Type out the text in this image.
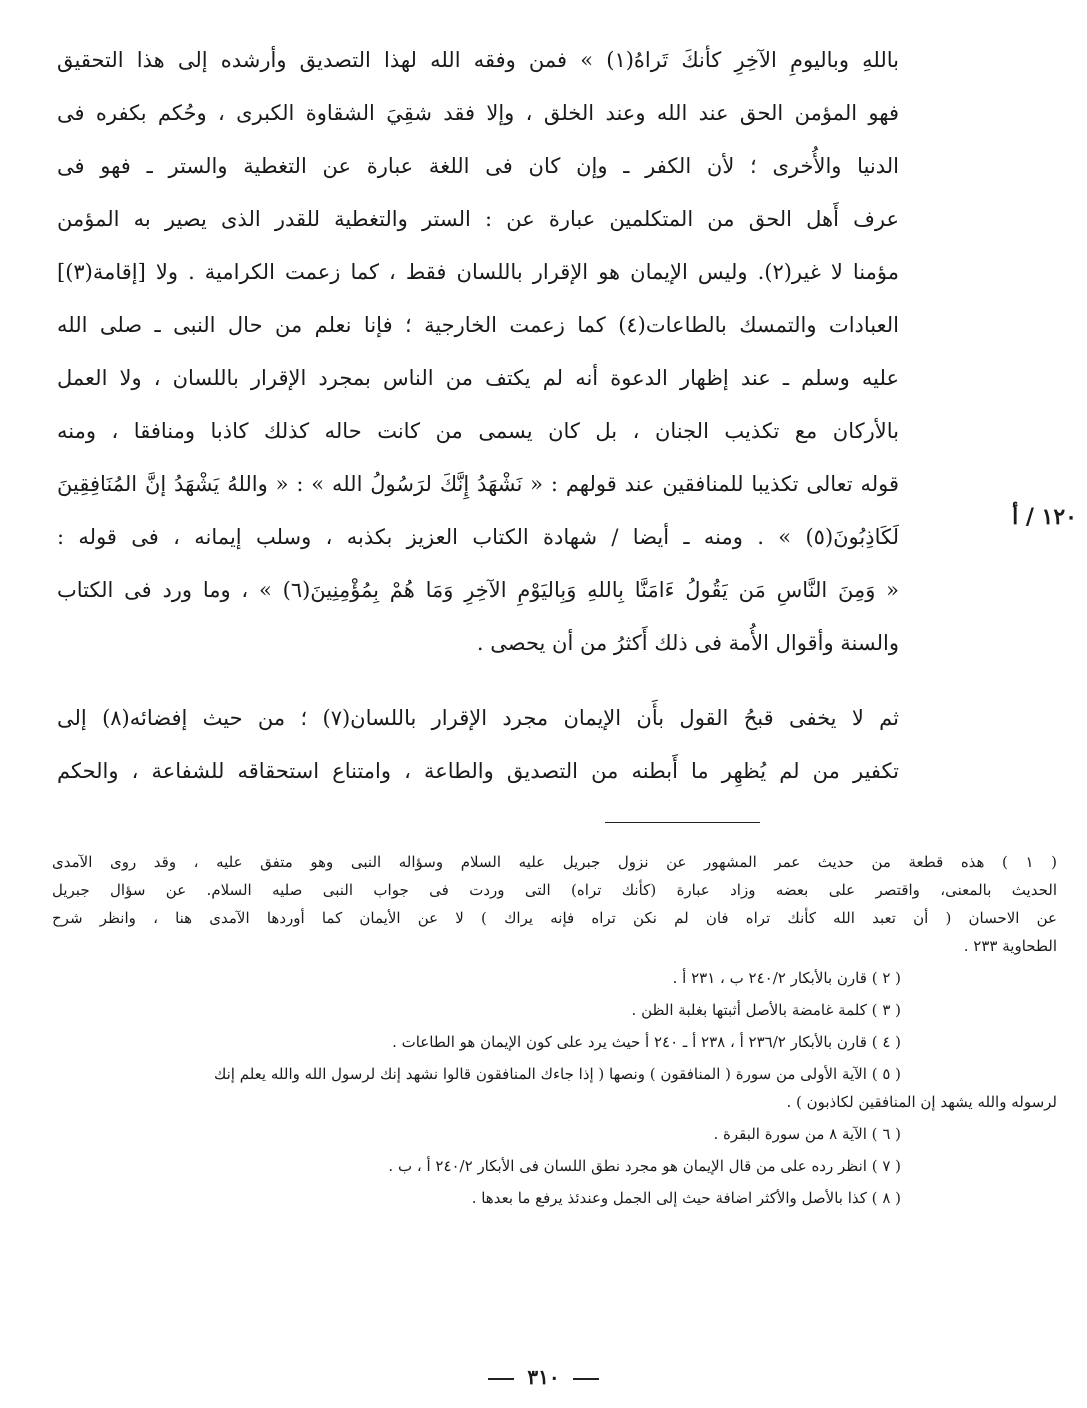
باللهِ وباليومِ الآخِرِ كأنكَ تَراهُ(١) » فمن وفقه الله لهذا التصديق وأرشده إلى هذا التحقيق
فهو المؤمن الحق عند الله وعند الخلق ، وإلا فقد شقِيَ الشقاوة الكبرى ، وحُكم بكفره فى
الدنيا والأُخرى ؛ لأن الكفر ـ وإن كان فى اللغة عبارة عن التغطية والستر ـ فهو فى
عرف أَهل الحق من المتكلمين عبارة عن : الستر والتغطية للقدر الذى يصير به المؤمن
مؤمنا لا غير(٢). وليس الإيمان هو الإقرار باللسان فقط ، كما زعمت الكرامية . ولا [إقامة(٣)]
العبادات والتمسك بالطاعات(٤) كما زعمت الخارجية ؛ فإنا نعلم من حال النبى ـ صلى الله
عليه وسلم ـ عند إظهار الدعوة أنه لم يكتف من الناس بمجرد الإقرار باللسان ، ولا العمل
بالأركان مع تكذيب الجنان ، بل كان يسمى من كانت حاله كذلك كاذبا ومنافقا ، ومنه
قوله تعالى تكذيبا للمنافقين عند قولهم : « نَشْهَدُ إِنَّكَ لرَسُولُ الله » : « واللهُ يَشْهَدُ إنَّ المُنَافِقِينَ
لَكَاذِبُونَ(٥) » . ومنه ـ أيضا / شهادة الكتاب العزيز بكذبه ، وسلب إيمانه ، فى قوله :
« وَمِنَ النَّاسِ مَن يَقُولُ ءَامَنَّا بِاللهِ وَبِاليَوْمِ الآخِرِ وَمَا هُمْ بِمُؤْمِنِينَ(٦) » ، وما ورد فى الكتاب
والسنة وأقوال الأُمة فى ذلك أَكثرُ من أن يحصى .
ثم لا يخفى قبحُ القول بأَن الإيمان مجرد الإقرار باللسان(٧) ؛ من حيث إفضائه(٨) إلى
تكفير من لم يُظهِر ما أَبطنه من التصديق والطاعة ، وامتناع استحقاقه للشفاعة ، والحكم
١٢٠ / أ
( ١ ) هذه قطعة من حديث عمر المشهور عن نزول جبريل عليه السلام وسؤاله النبى وهو متفق عليه ، وقد روى الآمدى
الحديث بالمعنى، واقتصر على بعضه وزاد عبارة (كأنك تراه) التى وردت فى جواب النبى صليه السلام. عن سؤال جبريل
عن الاحسان ( أن تعبد الله كأنك تراه فان لم نكن تراه فإنه يراك ) لا عن الأيمان كما أوردها الآمدى هنا ، وانظر شرح
الطحاوية ٢٣٣ .
( ٢ ) قارن بالأبكار ٢٤٠/٢ ب ، ٢٣١ أ .
( ٣ ) كلمة غامضة بالأصل أثبتها بغلبة الظن .
( ٤ ) قارن بالأبكار ٢٣٦/٢ أ ، ٢٣٨ أ ـ ٢٤٠ أ حيث يرد على كون الإيمان هو الطاعات .
( ٥ ) الآية الأولى من سورة ( المنافقون ) ونصها ( إذا جاءك المنافقون قالوا نشهد إنك لرسول الله والله يعلم إنك
لرسوله والله يشهد إن المنافقين لكاذبون ) .
( ٦ ) الآية ٨ من سورة البقرة .
( ٧ ) انظر رده على من قال الإيمان هو مجرد نطق اللسان فى الأبكار ٢٤٠/٢ أ ، ب .
( ٨ ) كذا بالأصل والأكثر اضافة حيث إلى الجمل وعندئذ يرفع ما بعدها .
٣١٠
